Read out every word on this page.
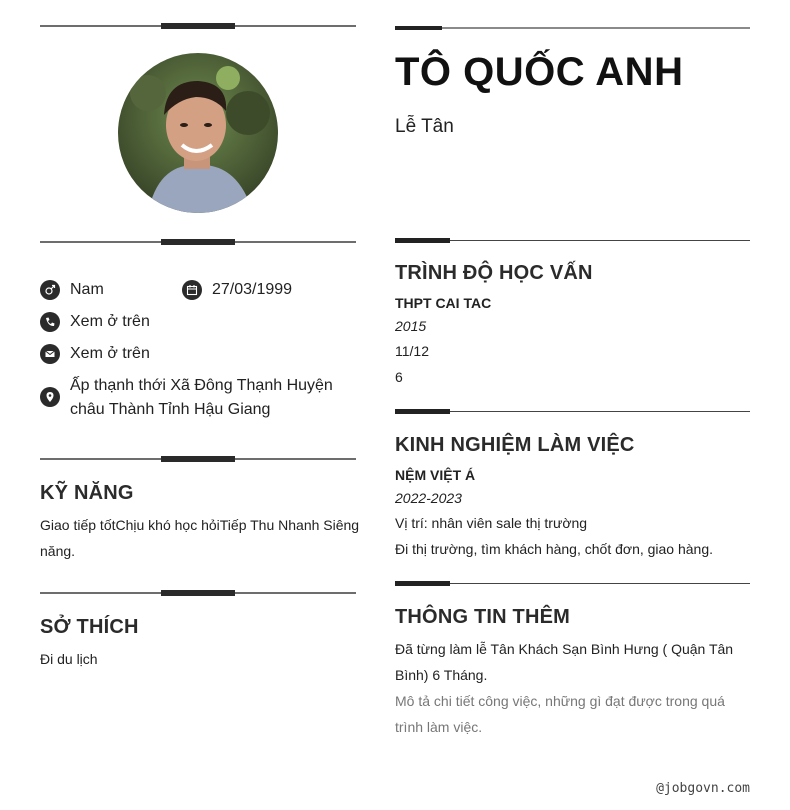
Nam	27/03/1999
Xem ở trên
Xem ở trên
Ấp thạnh thới Xã Đông Thạnh Huyện châu Thành Tỉnh Hậu Giang
KỸ NĂNG
Giao tiếp tốtChịu khó học hỏiTiếp Thu Nhanh Siêng năng.
SỞ THÍCH
Đi du lịch
TÔ QUỐC ANH
Lễ Tân
TRÌNH ĐỘ HỌC VẤN
THPT CAI TAC
2015
11/12
6
KINH NGHIỆM LÀM VIỆC
NỆM VIỆT Á
2022-2023
Vị trí: nhân viên sale thị trường
Đi thị trường, tìm khách hàng, chốt đơn, giao hàng.
THÔNG TIN THÊM
Đã từng làm lễ Tân Khách Sạn Bình Hưng ( Quận Tân Bình) 6 Tháng.
Mô tả chi tiết công việc, những gì đạt được trong quá trình làm việc.
@jobgovn.com
